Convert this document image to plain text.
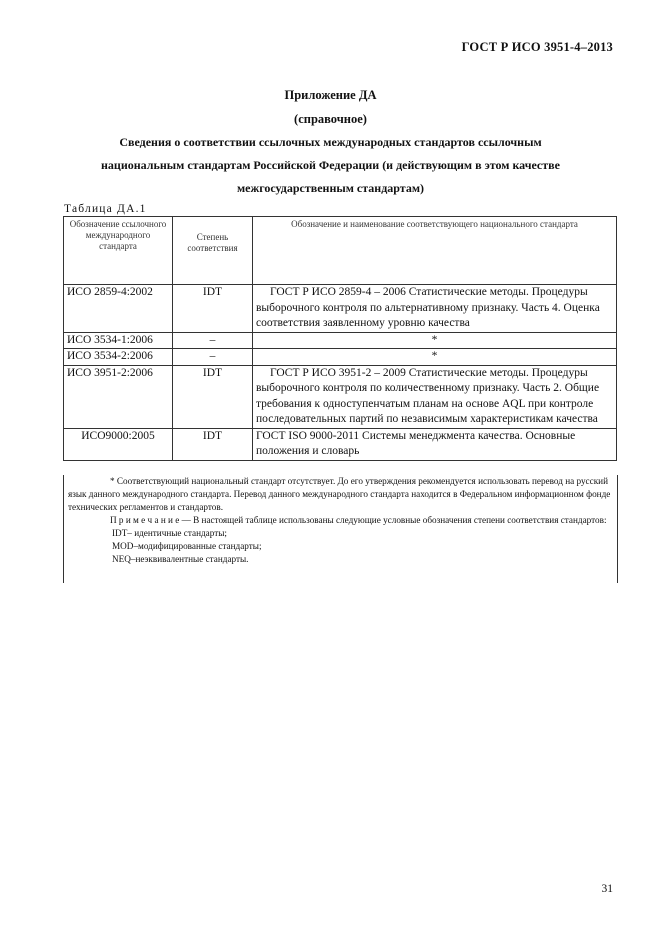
ГОСТ Р ИСО 3951-4–2013
Приложение ДА
(справочное)
Сведения о соответствии ссылочных международных стандартов ссылочным
национальным стандартам Российской Федерации (и действующим в этом качестве
межгосударственным стандартам)
Таблица ДА.1
Обозначение ссылочного международного стандарта	Степень соответствия	Обозначение и наименование соответствующего национального стандарта
ИСО 2859-4:2002	IDT	ГОСТ Р ИСО 2859-4 – 2006 Статистические методы. Процедуры выборочного контроля по альтернативному признаку. Часть 4. Оценка соответствия заявленному уровню качества
ИСО 3534-1:2006	–	*
ИСО 3534-2:2006	–	*
ИСО 3951-2:2006	IDT	ГОСТ Р ИСО 3951-2 – 2009 Статистические методы. Процедуры выборочного контроля по количественному признаку. Часть 2. Общие требования к одноступенчатым планам на основе AQL при контроле последовательных партий по независимым характеристикам качества
ИСО9000:2005	IDT	ГОСТ ISO 9000-2011 Системы менеджмента качества. Основные положения и словарь

* Соответствующий национальный стандарт отсутствует. До его утверждения рекомендуется использовать перевод на русский язык данного международного стандарта. Перевод данного международного стандарта находится в Федеральном информационном фонде технических регламентов и стандартов.

П р и м е ч а н и е — В настоящей таблице использованы следующие условные обозначения степени соответствия стандартов:

IDT– идентичные стандарты;

MOD–модифицированные стандарты;

NEQ–неэквивалентные стандарты.

31
